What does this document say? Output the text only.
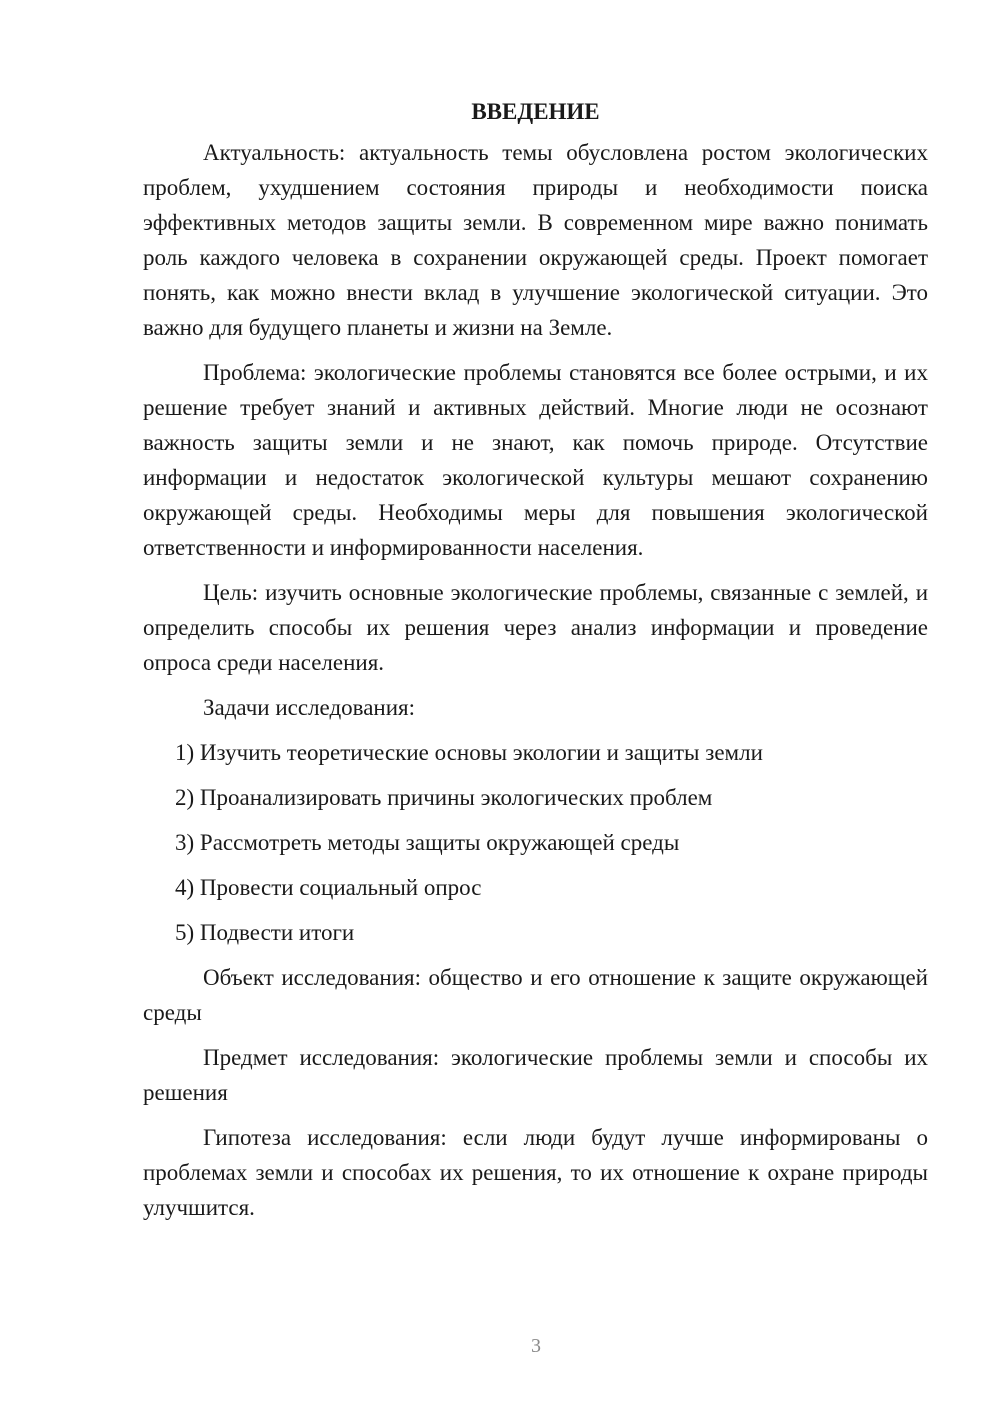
ВВЕДЕНИЕ

Актуальность: актуальность темы обусловлена ростом экологических проблем, ухудшением состояния природы и необходимости поиска эффективных методов защиты земли. В современном мире важно понимать роль каждого человека в сохранении окружающей среды. Проект помогает понять, как можно внести вклад в улучшение экологической ситуации. Это важно для будущего планеты и жизни на Земле.

Проблема: экологические проблемы становятся все более острыми, и их решение требует знаний и активных действий. Многие люди не осознают важность защиты земли и не знают, как помочь природе. Отсутствие информации и недостаток экологической культуры мешают сохранению окружающей среды. Необходимы меры для повышения экологической ответственности и информированности населения.

Цель: изучить основные экологические проблемы, связанные с землей, и определить способы их решения через анализ информации и проведение опроса среди населения.

Задачи исследования:

1) Изучить теоретические основы экологии и защиты земли
2) Проанализировать причины экологических проблем
3) Рассмотреть методы защиты окружающей среды
4) Провести социальный опрос
5) Подвести итоги

Объект исследования: общество и его отношение к защите окружающей среды

Предмет исследования: экологические проблемы земли и способы их решения

Гипотеза исследования: если люди будут лучше информированы о проблемах земли и способах их решения, то их отношение к охране природы улучшится.

3
